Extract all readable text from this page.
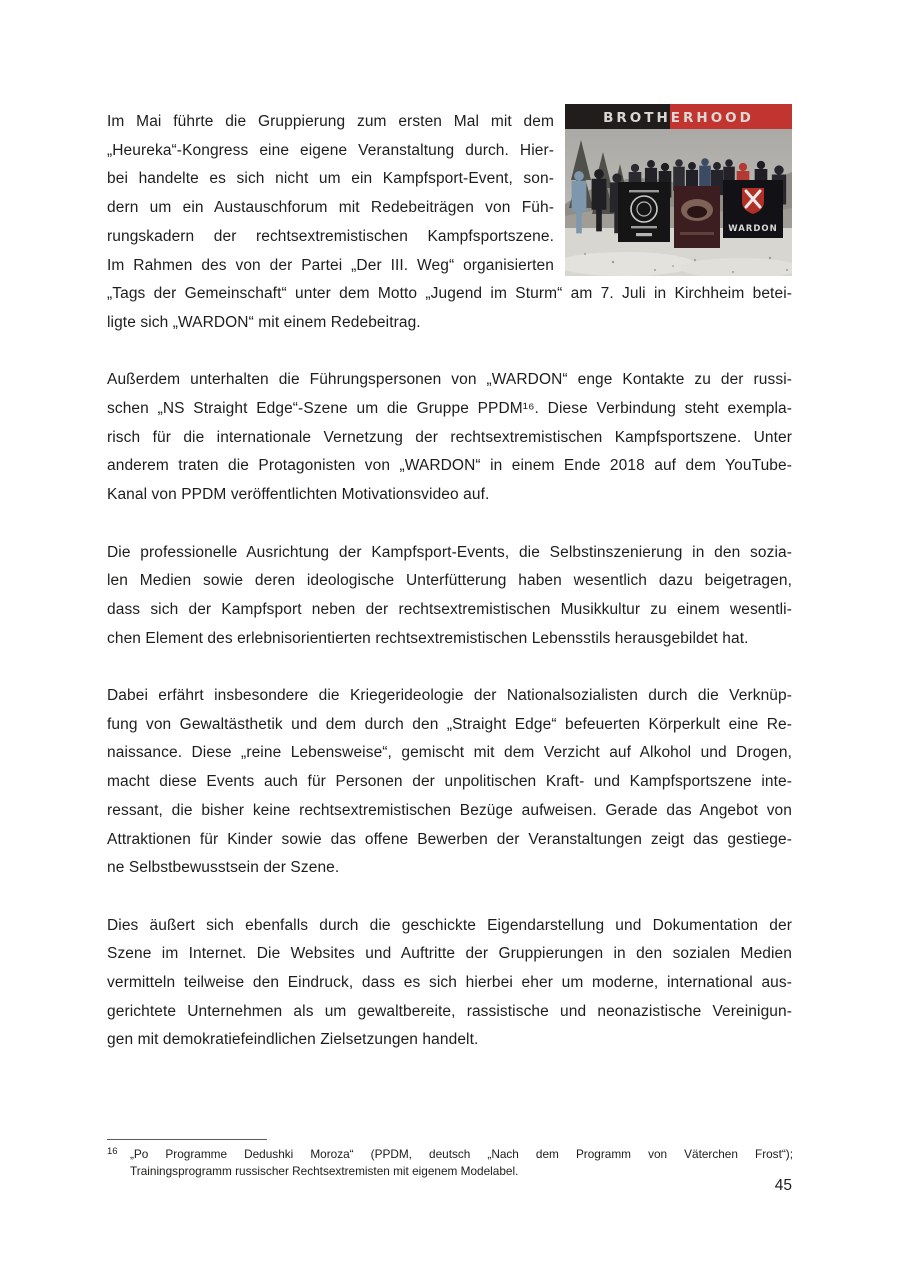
WARDON
BROTHERHOOD
Im Mai führte die Gruppierung zum ersten Mal mit dem
„Heureka“-Kongress eine eigene Veranstaltung durch. Hier-
bei handelte es sich nicht um ein Kampfsport-Event, son-
dern um ein Austauschforum mit Redebeiträgen von Füh-
rungskadern der rechtsextremistischen Kampfsportszene.
Im Rahmen des von der Partei „Der III. Weg“ organisierten
„Tags der Gemeinschaft“ unter dem Motto „Jugend im Sturm“ am 7. Juli in Kirchheim betei-
ligte sich „WARDON“ mit einem Redebeitrag.
Außerdem unterhalten die Führungspersonen von „WARDON“ enge Kontakte zu der russi-
schen „NS Straight Edge“-Szene um die Gruppe PPDM¹⁶. Diese Verbindung steht exempla-
risch für die internationale Vernetzung der rechtsextremistischen Kampfsportszene. Unter
anderem traten die Protagonisten von „WARDON“ in einem Ende 2018 auf dem YouTube-
Kanal von PPDM veröffentlichten Motivationsvideo auf.
Die professionelle Ausrichtung der Kampfsport-Events, die Selbstinszenierung in den sozia-
len Medien sowie deren ideologische Unterfütterung haben wesentlich dazu beigetragen,
dass sich der Kampfsport neben der rechtsextremistischen Musikkultur zu einem wesentli-
chen Element des erlebnisorientierten rechtsextremistischen Lebensstils herausgebildet hat.
Dabei erfährt insbesondere die Kriegerideologie der Nationalsozialisten durch die Verknüp-
fung von Gewaltästhetik und dem durch den „Straight Edge“ befeuerten Körperkult eine Re-
naissance. Diese „reine Lebensweise“, gemischt mit dem Verzicht auf Alkohol und Drogen,
macht diese Events auch für Personen der unpolitischen Kraft- und Kampfsportszene inte-
ressant, die bisher keine rechtsextremistischen Bezüge aufweisen. Gerade das Angebot von
Attraktionen für Kinder sowie das offene Bewerben der Veranstaltungen zeigt das gestiege-
ne Selbstbewusstsein der Szene.
Dies äußert sich ebenfalls durch die geschickte Eigendarstellung und Dokumentation der
Szene im Internet. Die Websites und Auftritte der Gruppierungen in den sozialen Medien
vermitteln teilweise den Eindruck, dass es sich hierbei eher um moderne, international aus-
gerichtete Unternehmen als um gewaltbereite, rassistische und neonazistische Vereinigun-
gen mit demokratiefeindlichen Zielsetzungen handelt.
16 „Po Programme Dedushki Moroza“ (PPDM, deutsch „Nach dem Programm von Väterchen Frost“);
Trainingsprogramm russischer Rechtsextremisten mit eigenem Modelabel.
45
